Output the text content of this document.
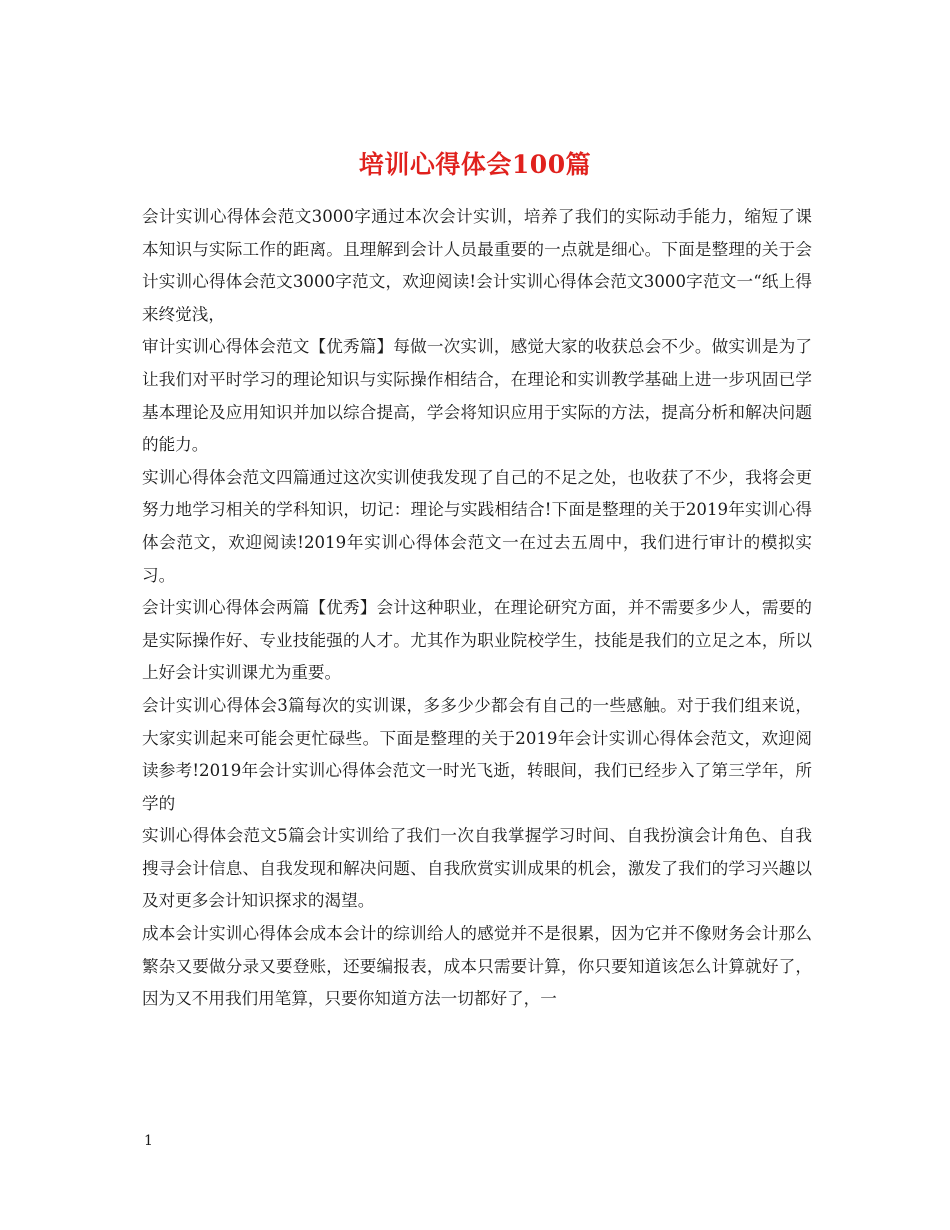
培训心得体会100篇

会计实训心得体会范文3000字通过本次会计实训，培养了我们的实际动手能力，缩短了课本知识与实际工作的距离。且理解到会计人员最重要的一点就是细心。下面是整理的关于会计实训心得体会范文3000字范文，欢迎阅读!会计实训心得体会范文3000字范文一“纸上得来终觉浅，

审计实训心得体会范文【优秀篇】每做一次实训，感觉大家的收获总会不少。做实训是为了让我们对平时学习的理论知识与实际操作相结合，在理论和实训教学基础上进一步巩固已学基本理论及应用知识并加以综合提高，学会将知识应用于实际的方法，提高分析和解决问题的能力。

实训心得体会范文四篇通过这次实训使我发现了自己的不足之处，也收获了不少，我将会更努力地学习相关的学科知识，切记：理论与实践相结合!下面是整理的关于2019年实训心得体会范文，欢迎阅读!2019年实训心得体会范文一在过去五周中，我们进行审计的模拟实习。

会计实训心得体会两篇【优秀】会计这种职业，在理论研究方面，并不需要多少人，需要的是实际操作好、专业技能强的人才。尤其作为职业院校学生，技能是我们的立足之本，所以上好会计实训课尤为重要。

会计实训心得体会3篇每次的实训课，多多少少都会有自己的一些感触。对于我们组来说，大家实训起来可能会更忙碌些。下面是整理的关于2019年会计实训心得体会范文，欢迎阅读参考!2019年会计实训心得体会范文一时光飞逝，转眼间，我们已经步入了第三学年，所学的

实训心得体会范文5篇会计实训给了我们一次自我掌握学习时间、自我扮演会计角色、自我搜寻会计信息、自我发现和解决问题、自我欣赏实训成果的机会，激发了我们的学习兴趣以及对更多会计知识探求的渴望。

成本会计实训心得体会成本会计的综训给人的感觉并不是很累，因为它并不像财务会计那么繁杂又要做分录又要登账，还要编报表，成本只需要计算，你只要知道该怎么计算就好了，因为又不用我们用笔算，只要你知道方法一切都好了，一

1
